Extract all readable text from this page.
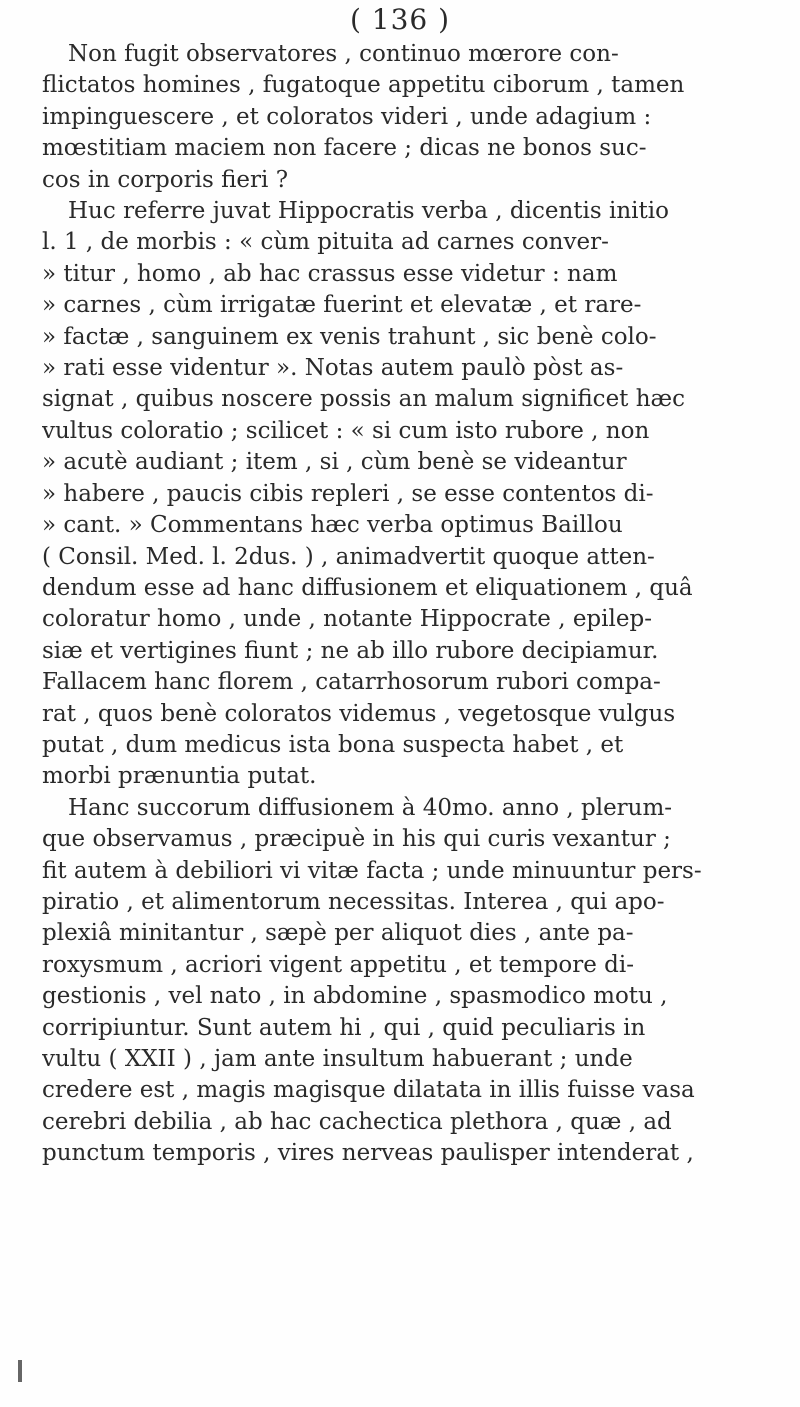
( 136 )
Non fugit observatores , continuo mœrore con-
flictatos homines , fugatoque appetitu ciborum , tamen
impinguescere , et coloratos videri , unde adagium :
mœstitiam maciem non facere ; dicas ne bonos suc-
cos in corporis fieri ?
Huc referre juvat Hippocratis verba , dicentis initio
l. 1 , de morbis : « cùm pituita ad carnes conver-
» titur , homo , ab hac crassus esse videtur : nam
» carnes , cùm irrigatæ fuerint et elevatæ , et rare-
» factæ , sanguinem ex venis trahunt , sic benè colo-
» rati esse videntur ». Notas autem paulò pòst as-
signat , quibus noscere possis an malum significet hæc
vultus coloratio ; scilicet : « si cum isto rubore , non
» acutè audiant ; item , si , cùm benè se videantur
» habere , paucis cibis repleri , se esse contentos di-
» cant. » Commentans hæc verba optimus Baillou
( Consil. Med. l. 2dus. ) , animadvertit quoque atten-
dendum esse ad hanc diffusionem et eliquationem , quâ
coloratur homo , unde , notante Hippocrate , epilep-
siæ et vertigines fiunt ; ne ab illo rubore decipiamur.
Fallacem hanc florem , catarrhosorum rubori compa-
rat , quos benè coloratos videmus , vegetosque vulgus
putat , dum medicus ista bona suspecta habet , et
morbi prænuntia putat.
Hanc succorum diffusionem à 40mo. anno , plerum-
que observamus , præcipuè in his qui curis vexantur ;
fit autem à debiliori vi vitæ facta ; unde minuuntur pers-
piratio , et alimentorum necessitas. Interea , qui apo-
plexiâ minitantur , sæpè per aliquot dies , ante pa-
roxysmum , acriori vigent appetitu , et tempore di-
gestionis , vel nato , in abdomine , spasmodico motu ,
corripiuntur. Sunt autem hi , qui , quid peculiaris in
vultu ( XXII ) , jam ante insultum habuerant ; unde
credere est , magis magisque dilatata in illis fuisse vasa
cerebri debilia , ab hac cachectica plethora , quæ , ad
punctum temporis , vires nerveas paulisper intenderat ,
